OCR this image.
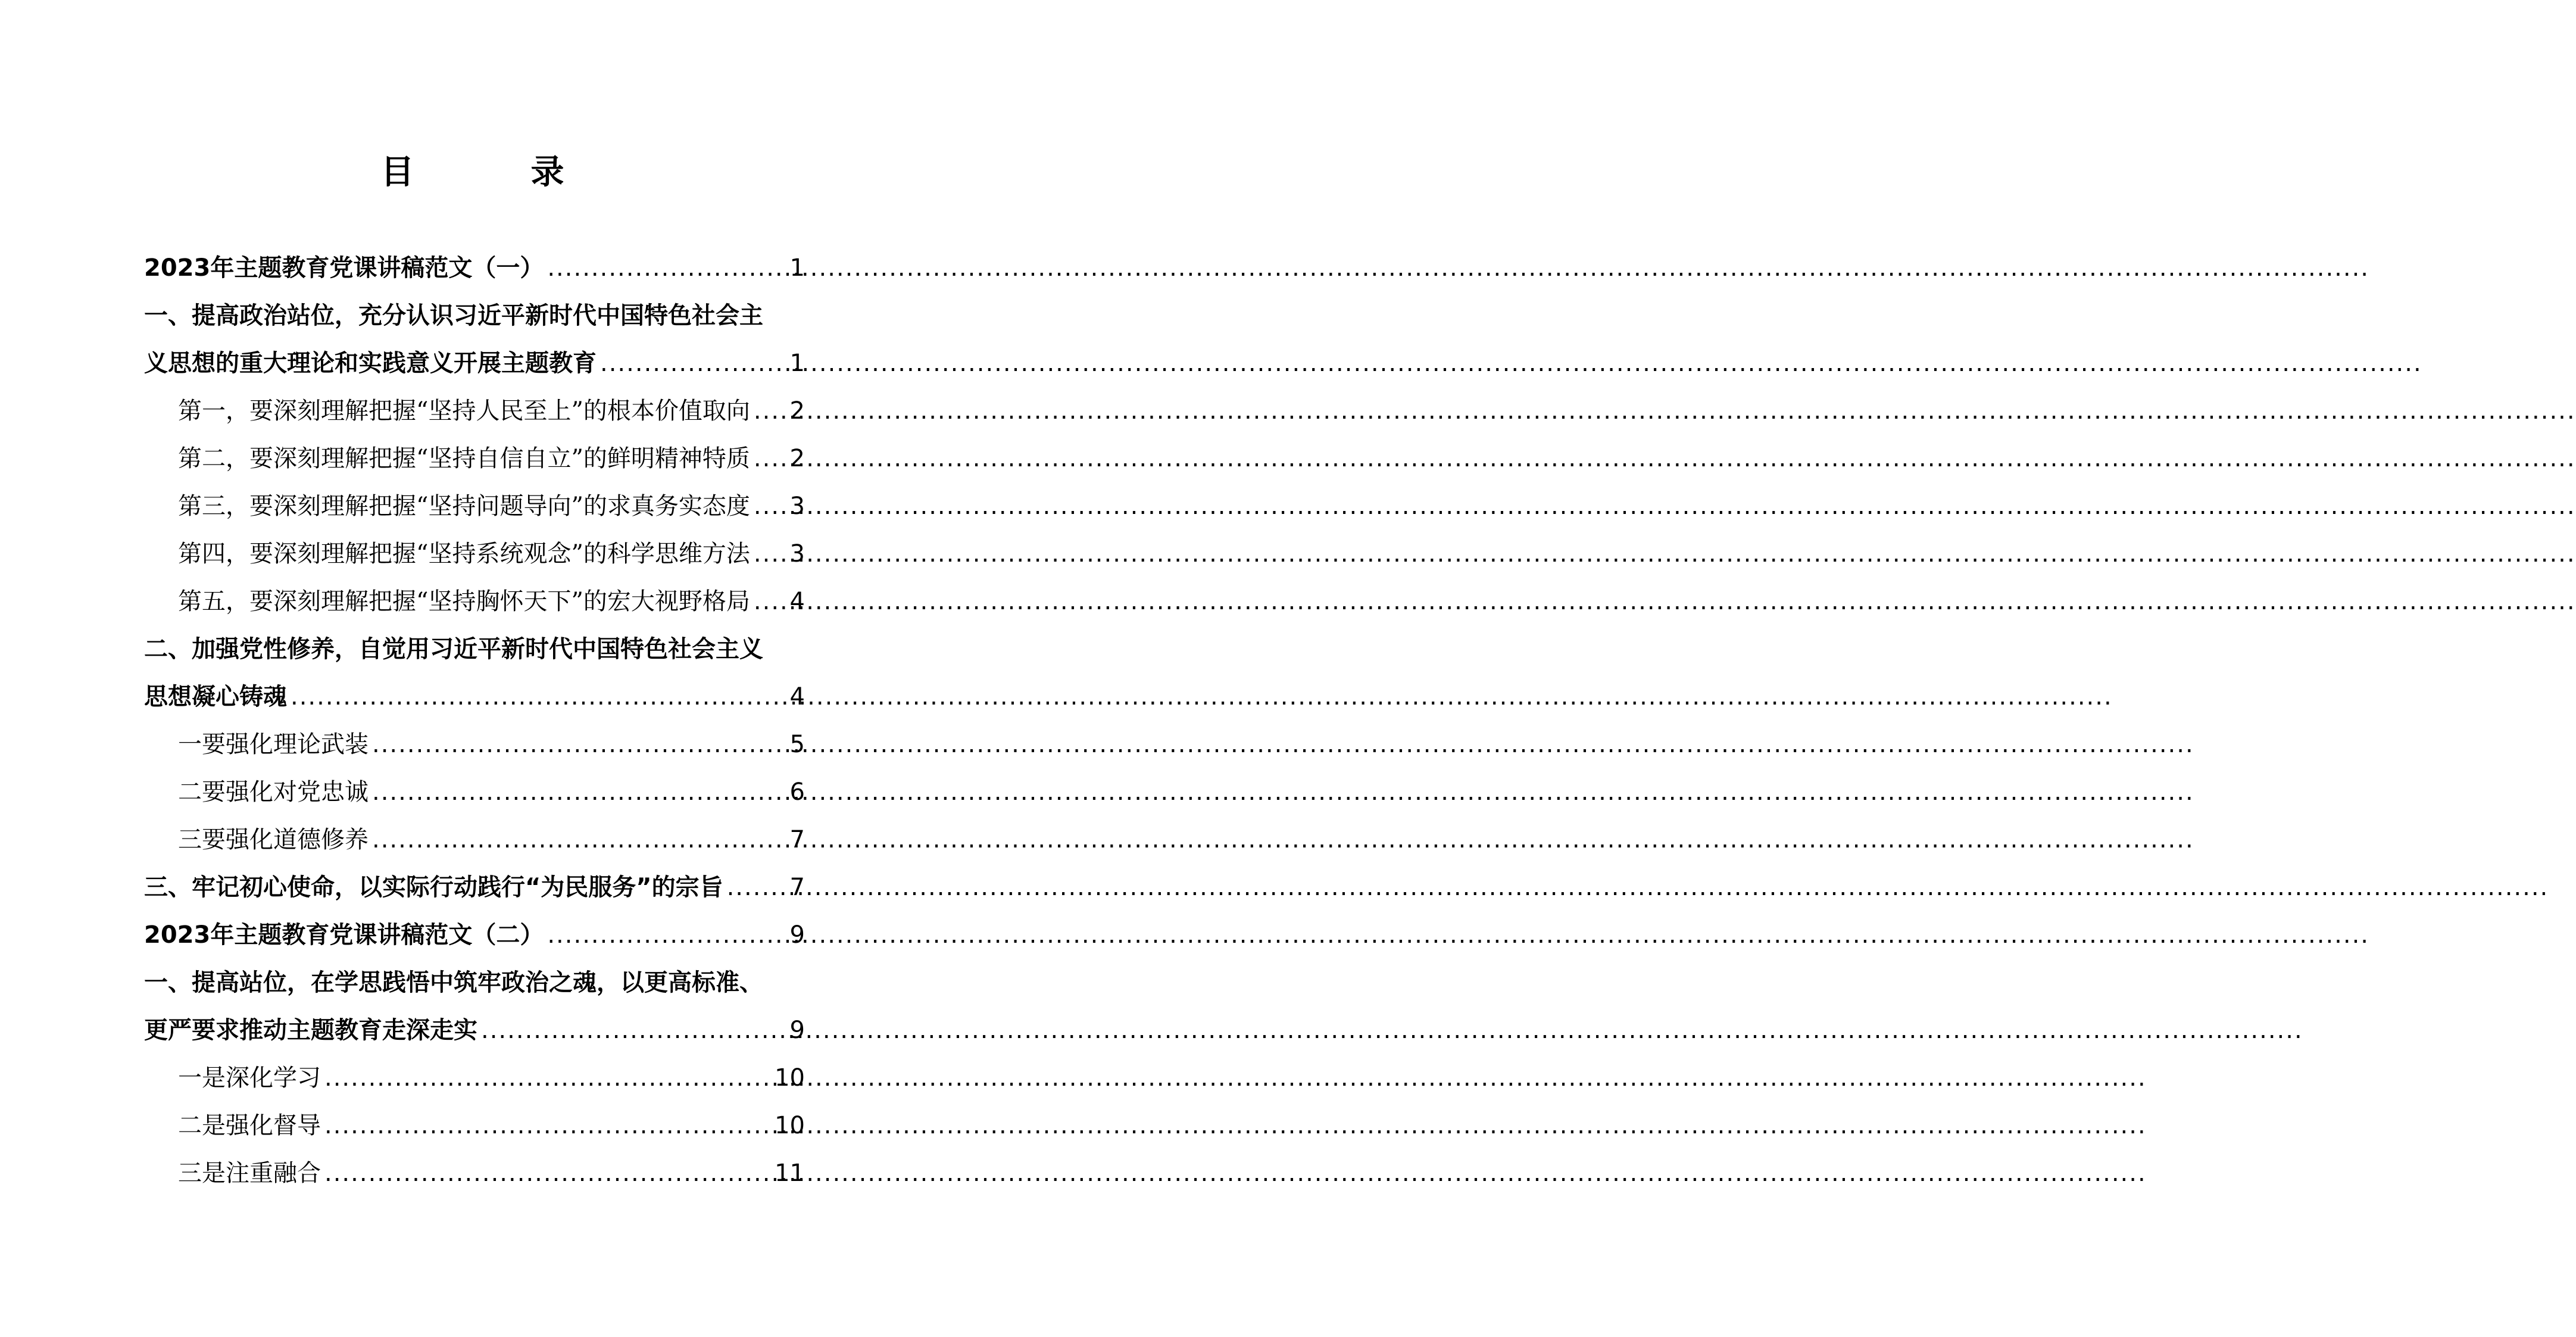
目　录
2023年主题教育党课讲稿范文（一） .....	1
一、提高政治站位，充分认识习近平新时代中国特色社会主
义思想的重大理论和实践意义开展主题教育 .....	1
第一，要深刻理解把握“坚持人民至上”的根本价值取向 ..... 2
第二，要深刻理解把握“坚持自信自立”的鲜明精神特质 ..... 2
第三，要深刻理解把握“坚持问题导向”的求真务实态度 ..... 3
第四，要深刻理解把握“坚持系统观念”的科学思维方法 ..... 3
第五，要深刻理解把握“坚持胸怀天下”的宏大视野格局 ..... 4
二、加强党性修养，自觉用习近平新时代中国特色社会主义
思想凝心铸魂 .....	4
一要强化理论武装 .....	5
二要强化对党忠诚 .....	6
三要强化道德修养 .....	7
三、牢记初心使命，以实际行动践行“为民服务”的宗旨 .....	7
2023年主题教育党课讲稿范文（二） .....	9
一、提高站位，在学思践悟中筑牢政治之魂，以更高标准、
更严要求推动主题教育走深走实 .....	9
一是深化学习 .....	10
二是强化督导 .....	10
三是注重融合 .....	11
